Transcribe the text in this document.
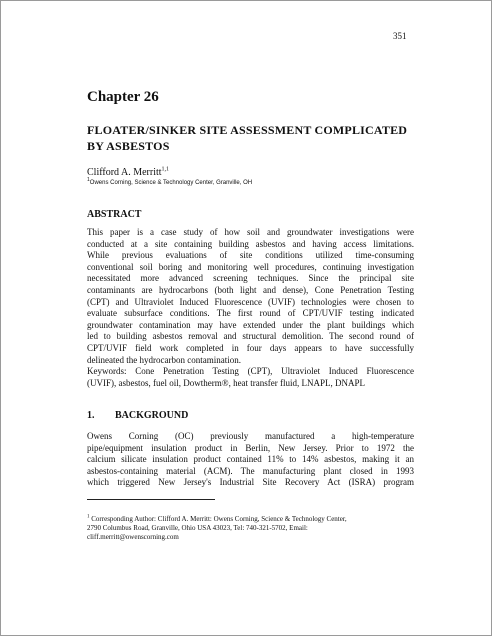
351
Chapter 26
FLOATER/SINKER SITE ASSESSMENT COMPLICATED
BY ASBESTOS
Clifford A. Merritt$^{1,1}$
$^1$Owens Corning, Science & Technology Center, Granville, OH
ABSTRACT
This paper is a case study of how soil and groundwater investigations were
conducted at a site containing building asbestos and having access limitations.
While previous evaluations of site conditions utilized time-consuming
conventional soil boring and monitoring well procedures, continuing investigation
necessitated more advanced screening techniques. Since the principal site
contaminants are hydrocarbons (both light and dense), Cone Penetration Testing
(CPT) and Ultraviolet Induced Fluorescence (UVIF) technologies were chosen to
evaluate subsurface conditions. The first round of CPT/UVIF testing indicated
groundwater contamination may have extended under the plant buildings which
led to building asbestos removal and structural demolition. The second round of
CPT/UVIF field work completed in four days appears to have successfully
delineated the hydrocarbon contamination.
Keywords: Cone Penetration Testing (CPT), Ultraviolet Induced Fluorescence
(UVIF), asbestos, fuel oil, Dowtherm®, heat transfer fluid, LNAPL, DNAPL
1. BACKGROUND
Owens Corning (OC) previously manufactured a high-temperature
pipe/equipment insulation product in Berlin, New Jersey. Prior to 1972 the
calcium silicate insulation product contained 11% to 14% asbestos, making it an
asbestos-containing material (ACM). The manufacturing plant closed in 1993
which triggered New Jersey's Industrial Site Recovery Act (ISRA) program
$^1$ Corresponding Author: Clifford A. Merritt: Owens Corning, Science & Technology Center,
2790 Columbus Road, Granville, Ohio USA 43023, Tel: 740-321-5702, Email:
cliff.merritt@owenscorning.com
